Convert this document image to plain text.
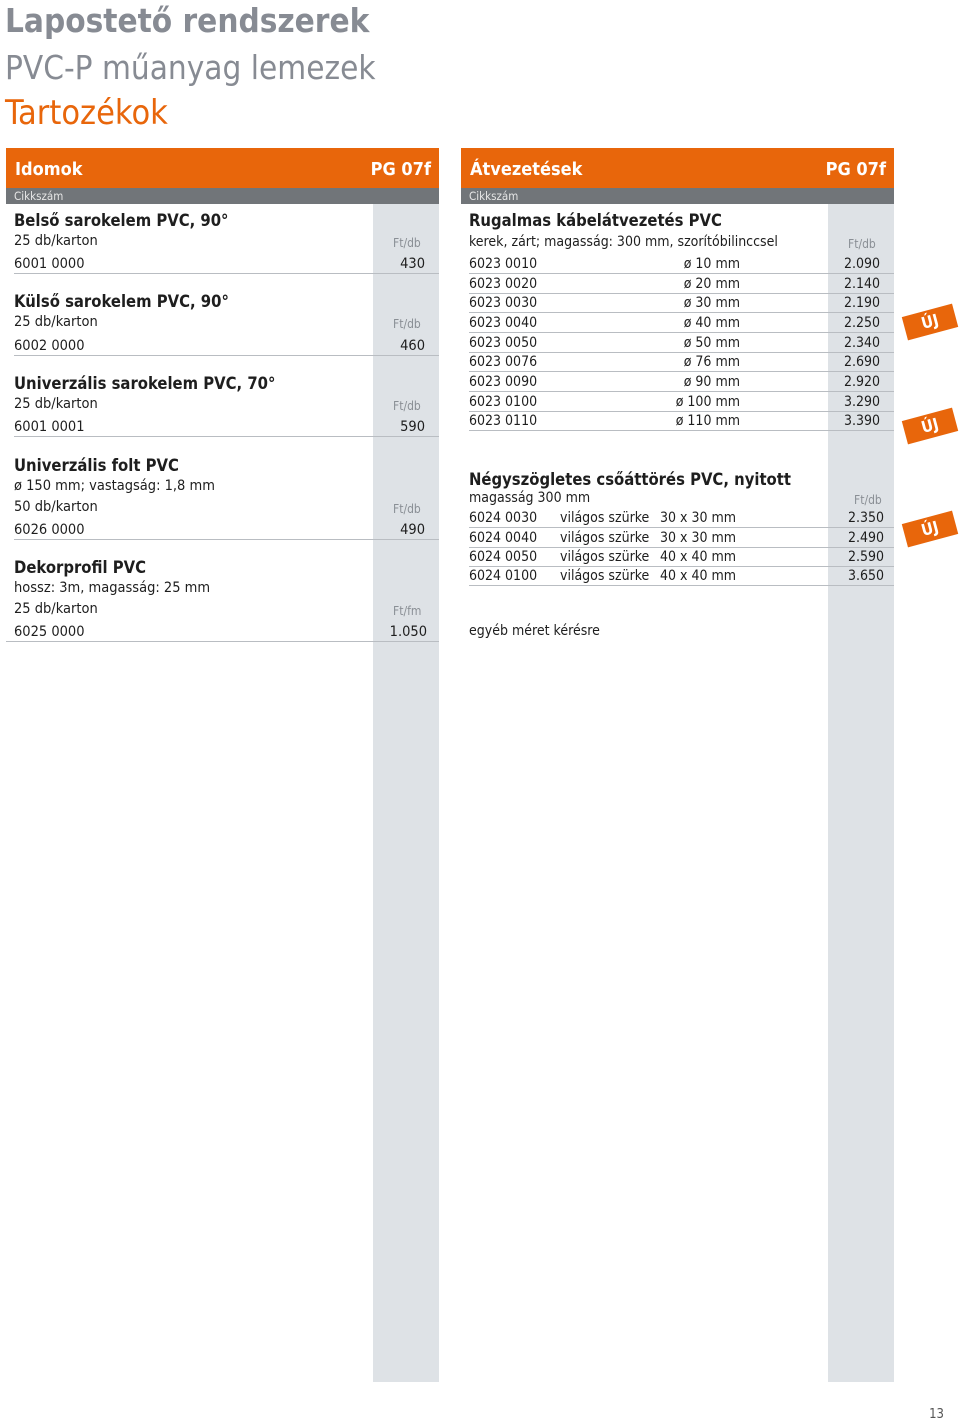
Lapostető rendszerek
PVC-P műanyag lemezek
Tartozékok
Idomok	PG 07f
Cikkszám
Belső sarokelem PVC, 90°
25 db/karton	Ft/db
6001 0000	430
Külső sarokelem PVC, 90°
25 db/karton	Ft/db
6002 0000	460
Univerzális sarokelem PVC, 70°
25 db/karton	Ft/db
6001 0001	590
Univerzális folt PVC
ø 150 mm; vastagság: 1,8 mm
50 db/karton	Ft/db
6026 0000	490
Dekorprofil PVC
hossz: 3m, magasság: 25 mm
25 db/karton	Ft/fm
6025 0000	1.050
Átvezetések	PG 07f
Cikkszám
Rugalmas kábelátvezetés PVC
kerek, zárt; magasság: 300 mm, szorítóbilinccsel	Ft/db
6023 0010	ø 10 mm	2.090
6023 0020	ø 20 mm	2.140
6023 0030	ø 30 mm	2.190
6023 0040	ø 40 mm	2.250
6023 0050	ø 50 mm	2.340
6023 0076	ø 76 mm	2.690
6023 0090	ø 90 mm	2.920
6023 0100	ø 100 mm	3.290
6023 0110	ø 110 mm	3.390
Négyszögletes csőáttörés PVC, nyitott
magasság 300 mm	Ft/db
6024 0030 világos szürke 30 x 30 mm	2.350
6024 0040 világos szürke 30 x 30 mm	2.490
6024 0050 világos szürke 40 x 40 mm	2.590
6024 0100 világos szürke 40 x 40 mm	3.650
egyéb méret kérésre
ÚJ
ÚJ
ÚJ
13
